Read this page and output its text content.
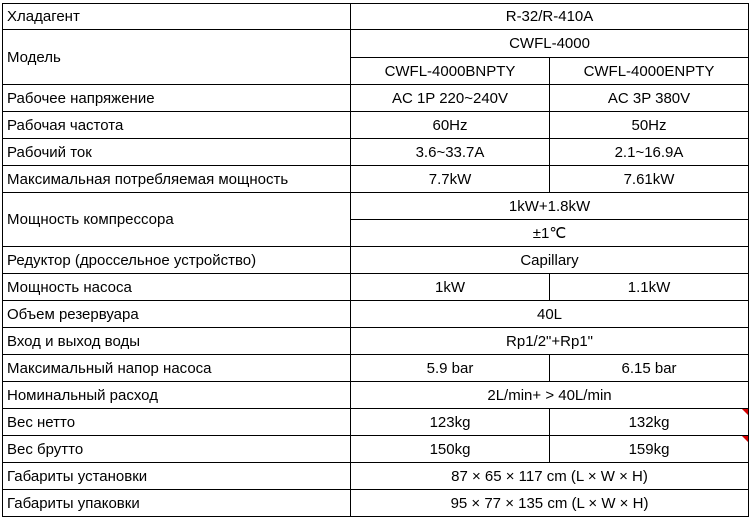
Хладагент	R-32/R-410A	
Модель	CWFL-4000	
	CWFL-4000BNPTY	CWFL-4000ENPTY
Рабочее напряжение	AC 1P 220~240V	AC 3P 380V
Рабочая частота	60Hz	50Hz
Рабочий ток	3.6~33.7A	2.1~16.9A
Максимальная потребляемая мощность	7.7kW	7.61kW
Мощность компрессора	1kW+1.8kW	
	±1℃	
Редуктор (дроссельное устройство)	Capillary	
Мощность насоса	1kW	1.1kW
Объем резервуара	40L	
Вход и выход воды	Rp1/2"+Rp1"	
Максимальный напор насоса	5.9 bar	6.15 bar
Номинальный расход	2L/min+ > 40L/min	
Вес нетто	123kg	132kg
Вес брутто	150kg	159kg
Габариты установки	87 × 65 × 117 cm (L × W × H)	
Габариты упаковки	95 × 77 × 135 cm (L × W × H)	
